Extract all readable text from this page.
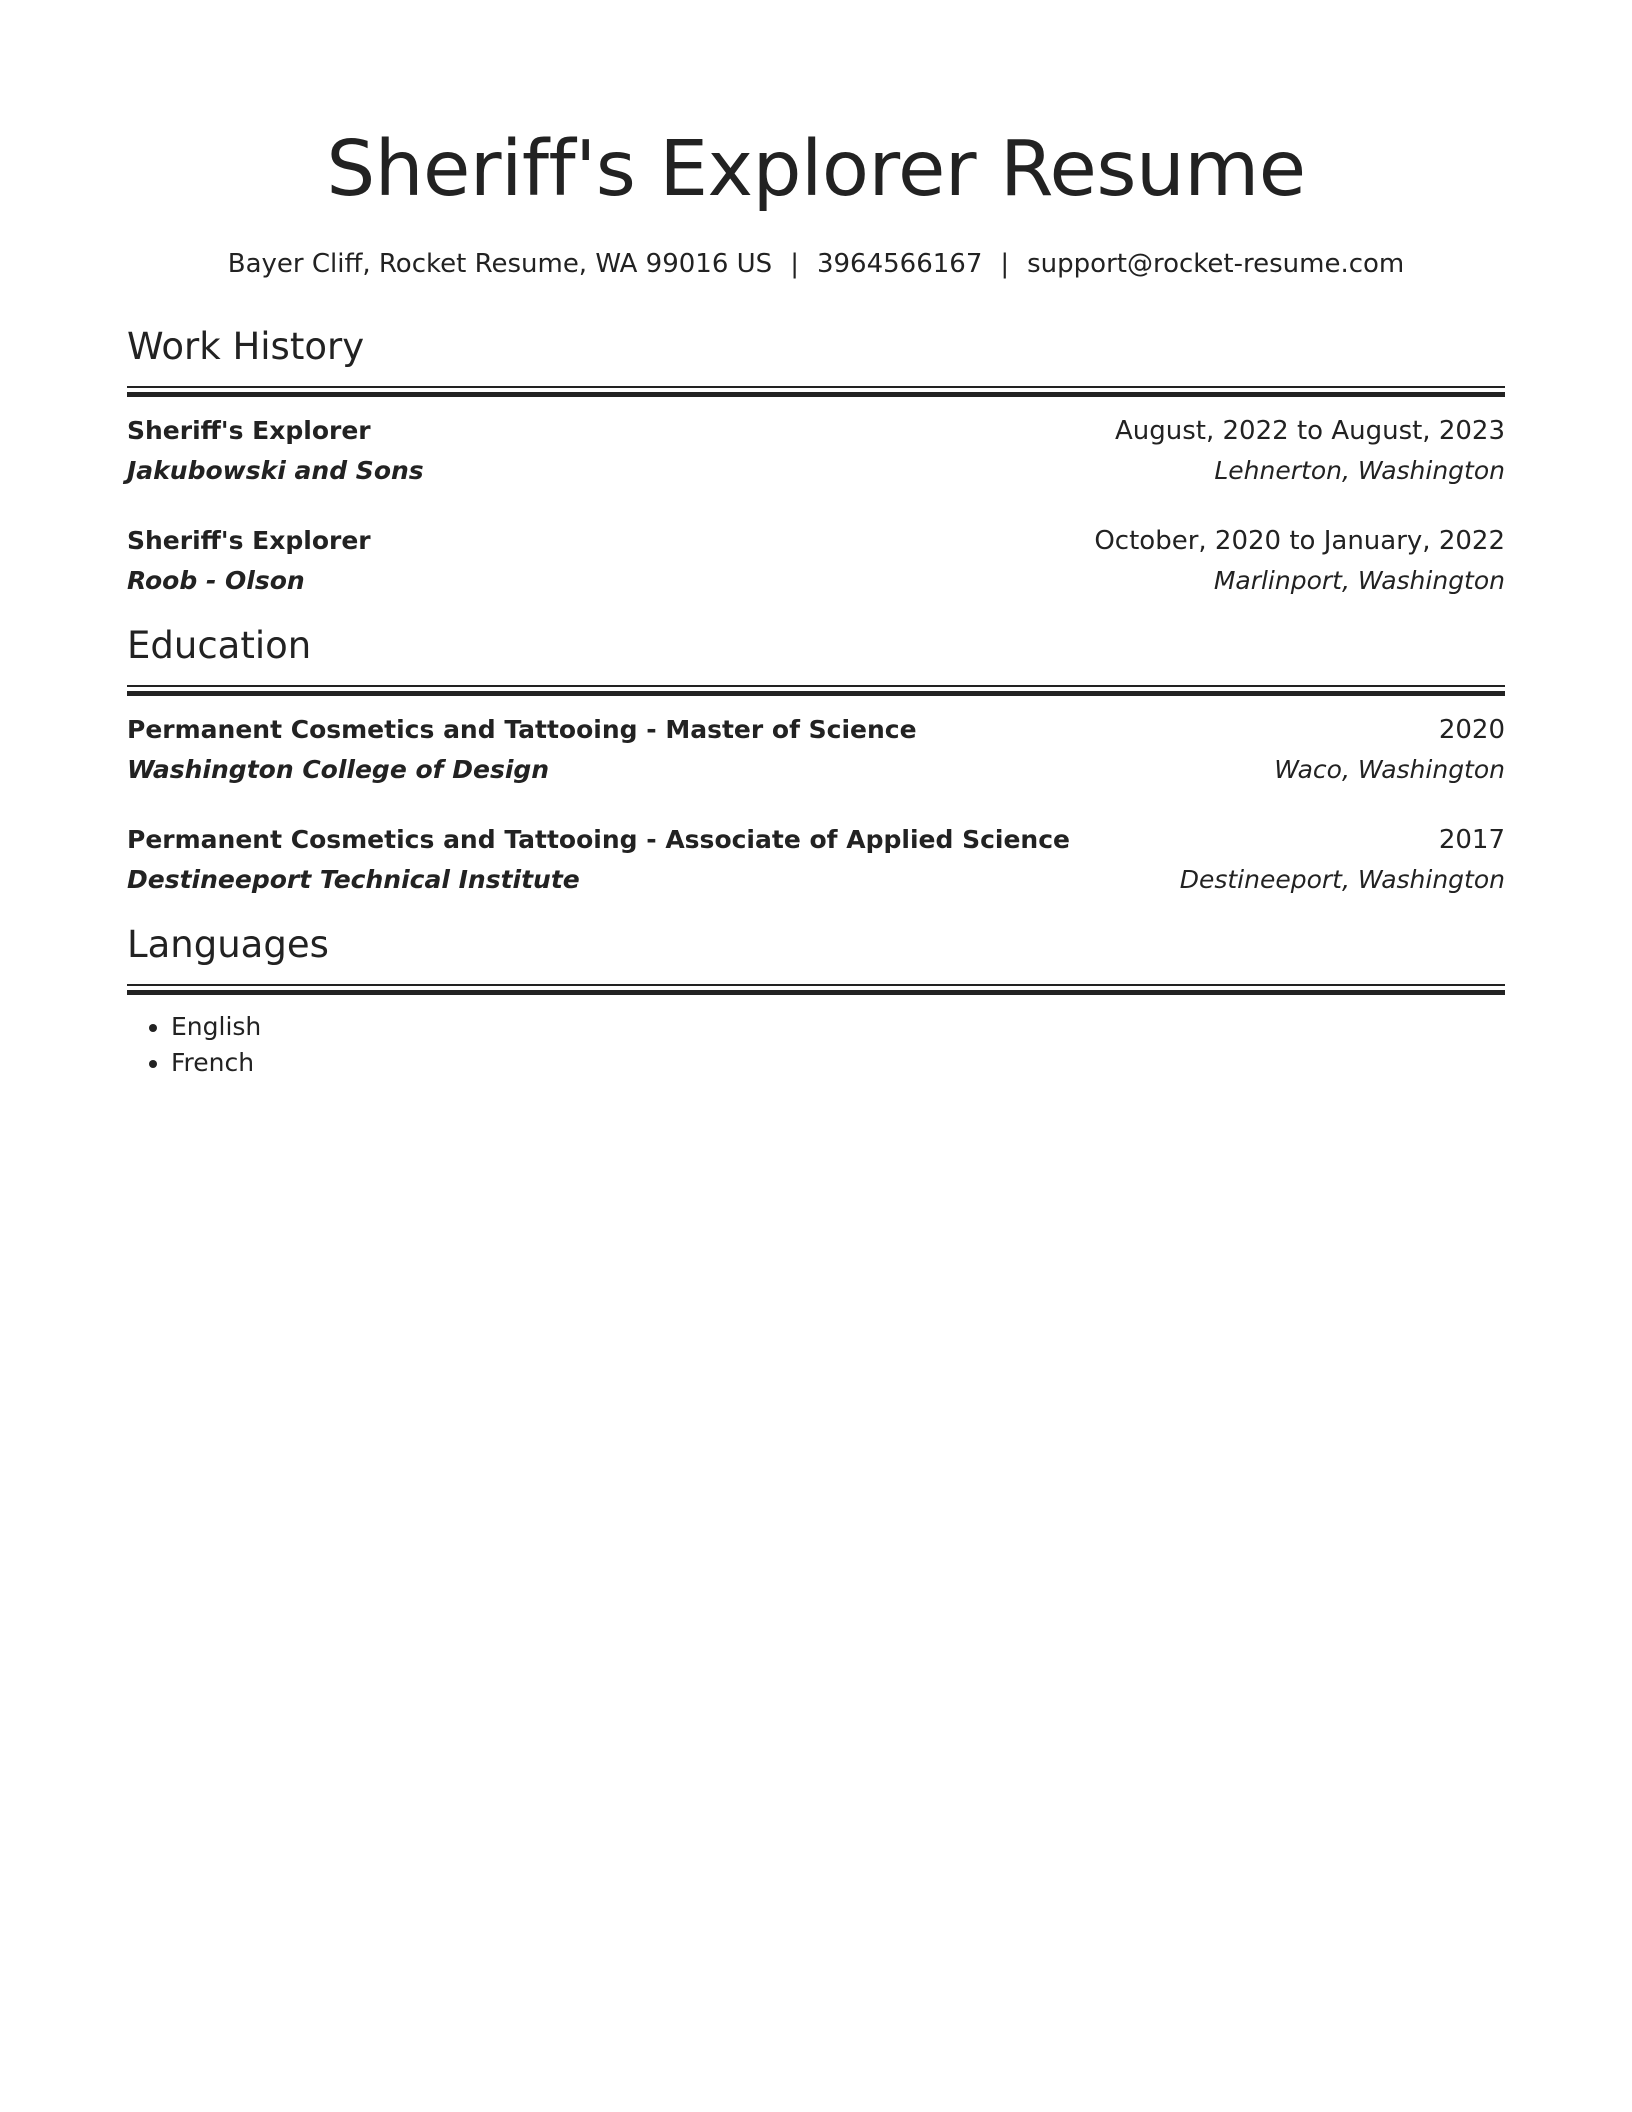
Sheriff's Explorer Resume
Bayer Cliff, Rocket Resume, WA 99016 US | 3964566167 | support@rocket-resume.com
Work History
Sheriff's Explorer	August, 2022 to August, 2023
Jakubowski and Sons	Lehnerton, Washington
Sheriff's Explorer	October, 2020 to January, 2022
Roob - Olson	Marlinport, Washington
Education
Permanent Cosmetics and Tattooing - Master of Science	2020
Washington College of Design	Waco, Washington
Permanent Cosmetics and Tattooing - Associate of Applied Science	2017
Destineeport Technical Institute	Destineeport, Washington
Languages
• English
• French
